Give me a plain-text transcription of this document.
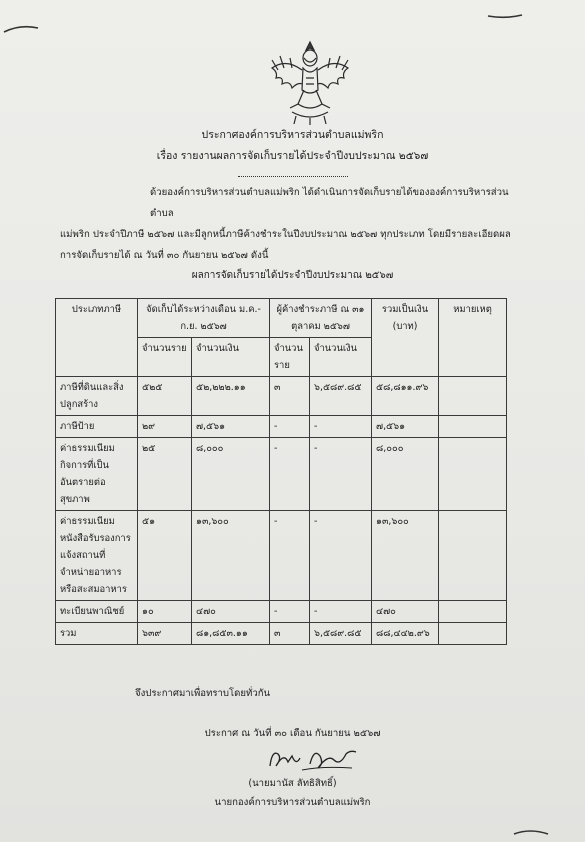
ประกาศองค์การบริหารส่วนตำบลแม่พริก
เรื่อง รายงานผลการจัดเก็บรายได้ประจำปีงบประมาณ ๒๕๖๗
ด้วยองค์การบริหารส่วนตำบลแม่พริก ได้ดำเนินการจัดเก็บรายได้ขององค์การบริหารส่วนตำบล
แม่พริก ประจำปีภาษี ๒๕๖๗ และมีลูกหนี้ภาษีค้างชำระในปีงบประมาณ ๒๕๖๗ ทุกประเภท โดยมีรายละเอียดผล
การจัดเก็บรายได้ ณ วันที่ ๓๐ กันยายน ๒๕๖๗ ดังนี้
ผลการจัดเก็บรายได้ประจำปีงบประมาณ ๒๕๖๗
ประเภทภาษี	จัดเก็บได้ระหว่างเดือน ม.ค.-ก.ย. ๒๕๖๗		ผู้ค้างชำระภาษี ณ ๓๑ ตุลาคม ๒๕๖๗		รวมเป็นเงิน (บาท)	หมายเหตุ
	จำนวนราย	จำนวนเงิน	จำนวนราย	จำนวนเงิน		
ภาษีที่ดินและสิ่งปลูกสร้าง	๕๒๕	๕๒,๒๒๒.๑๑	๓	๖,๕๘๙.๘๕	๕๘,๘๑๑.๙๖	
ภาษีป้าย	๒๙	๗,๕๖๑	-	-	๗,๕๖๑	
ค่าธรรมเนียมกิจการที่เป็นอันตรายต่อสุขภาพ	๒๕	๘,๐๐๐	-	-	๘,๐๐๐	
ค่าธรรมเนียมหนังสือรับรองการแจ้งสถานที่จำหน่ายอาหารหรือสะสมอาหาร	๕๑	๑๓,๖๐๐	-	-	๑๓,๖๐๐	
ทะเบียนพาณิชย์	๑๐	๔๗๐	-	-	๔๗๐	
รวม	๖๓๙	๘๑,๘๕๓.๑๑	๓	๖,๕๘๙.๘๕	๘๘,๔๔๒.๙๖	
จึงประกาศมาเพื่อทราบโดยทั่วกัน
ประกาศ ณ วันที่ ๓๐ เดือน กันยายน ๒๕๖๗
(นายมานัส ลัทธิสิทธิ์)
นายกองค์การบริหารส่วนตำบลแม่พริก
